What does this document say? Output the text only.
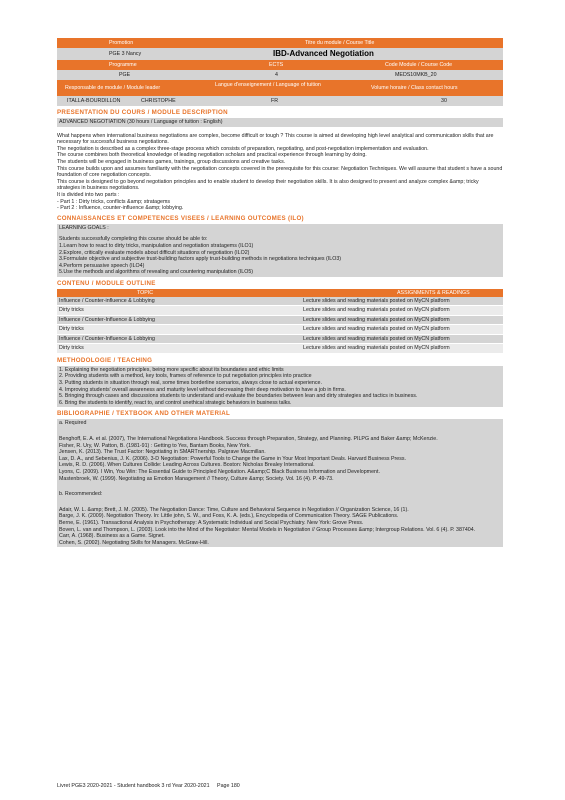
Promotion	Titre du module / Course Title
PGE 3 Nancy	IBD-Advanced Negotiation
Programme	ECTS	Code Module / Course Code
PGE	4	MEDS10MKB_20
Responsable de module / Module leader	Langue d'enseignement / Language of tuition	Volume horaire / Class contact hours
ITALLA-BOURDILLON	CHRISTOPHE	FR	30
PRESENTATION DU COURS / MODULE DESCRIPTION

ADVANCED NEGOTIATION (30 hours / Language of tuition : English)

What happens when international business negotiations are complex, become difficult or tough ? This course is aimed at developing high level analytical and communication skills that are necessary for successful business negotiations.

The negotiation is described as a complex three-stage process which consists of preparation, negotiating, and post-negotiation implementation and evaluation.

The course combines both theoretical knowledge of leading negotiation scholars and practical experience through learning by doing.

The students will be engaged in business games, trainings, group discussions and creative tasks.

This course builds upon and assumes familiarity with the negotiation concepts covered in the prerequisite for this course: Negotiation Techniques. We will assume that student s have a sound foundation of core negotiation concepts.

This course is designed to go beyond negotiation principles and to enable student to develop their negotiation skills. It is also designed to present and analyze complex &amp; tricky strategies in business negotiations.

It is divided into two parts :

- Part 1 : Dirty tricks, conflicts &amp; stratagems

- Part 2 : Influence, counter-influence &amp; lobbying.

CONNAISSANCES ET COMPETENCES VISEES / LEARNING OUTCOMES (ILO)

LEARNING GOALS :

Students successfully completing this course should be able to:

1.Learn how to react to dirty tricks, manipulation and negotiation stratagems (ILO1)

2.Explore, critically evaluate models about difficult situations of negotiation (ILO2)

3.Formulate objective and subjective trust-building factors apply trust-building methods in negotiations techniques (ILO3)

4.Perform persuasive speech (ILO4)

5.Use the methods and algorithms of revealing and countering manipulation (ILO5)

CONTENU / MODULE OUTLINE
TOPIC	ASSIGNMENTS & READINGS
Influence / Counter-influence & Lobbying	Lecture slides and reading materials posted on MyCN platform
Dirty tricks	Lecture slides and reading materials posted on MyCN platform
Influence / Counter-Influence & Lobbying	Lecture slides and reading materials posted on MyCN platform
Dirty tricks	Lecture slides and reading materials posted on MyCN platform
Influence / Counter-Influence & Lobbying	Lecture slides and reading materials posted on MyCN platform
Dirty tricks	Lecture slides and reading materials posted on MyCN platform
METHODOLOGIE / TEACHING

1. Explaining the negotiation principles, being more specific about its boundaries and ethic limits

2. Providing students with a method, key tools, frames of reference to put negotiation principles into practice

3. Putting students in situation through real, some times borderline scenarios, always close to actual experience.

4. Improving students' overall awareness and maturity level without decreasing their deep motivation to have a job in firms.

5. Bringing through cases and discussions students to understand and evaluate the boundaries between lean and dirty strategies and tactics in business.

6. Bring the students to identify, react to, and control unethical strategic behaviors in business talks.

BIBLIOGRAPHIE / TEXTBOOK AND OTHER MATERIAL

a. Required

Benghoff, E. A. et al. (2007), The International Negotiations Handbook. Success through Preparation, Strategy, and Planning. PILPG and Baker &amp; McKenzie.

Fisher, R. Ury, W. Patton, B. (1981-91) : Getting to Yes, Bantam Books, New York.

Jensen, K. (2013). The Trust Factor: Negotiating in SMARTnership. Palgrave Macmillan.

Lax, D. A., and Sebenius, J. K. (2006). 3-D Negotiation: Powerful Tools to Change the Game in Your Most Important Deals. Harvard Business Press.

Lewis, R. D. (2006). When Cultures Collide: Leading Across Cultures. Boston: Nicholas Brealey International.

Lyons, C. (2009). I Win, You Win: The Essential Guide to Principled Negotiation. A&amp;C Black Business Information and Development.

Mastenbroek, W. (1999). Negotiating as Emotion Management // Theory, Culture &amp; Society. Vol. 16 (4). P. 49-73.

b. Recommended:

Adair, W. L. &amp; Brett, J. M. (2005). The Negotiation Dance: Time, Culture and Behavioral Sequence in Negotiation // Organization Science, 16 (1).

Barge, J. K. (2009). Negotiation Theory. In: Little john, S. W., and Foss, K. A. (eds.), Encyclopedia of Communication Theory. SAGE Publications.

Berne, E. (1961). Transactional Analysis in Psychotherapy: A Systematic Individual and Social Psychiatry. New York: Grove Press.

Boven, L. van and Thompson, L. (2003). Look into the Mind of the Negotiator: Mental Models in Negotiation // Group Processes &amp; Intergroup Relations. Vol. 6 (4). P. 387404.

Carr, A. (1968). Business as a Game. Signet.

Cohen, S. (2002). Negotiating Skills for Managers. McGraw-Hill.

Livret PGE3 2020-2021 - Student handbook 3 rd Year 2020-2021 Page 180
